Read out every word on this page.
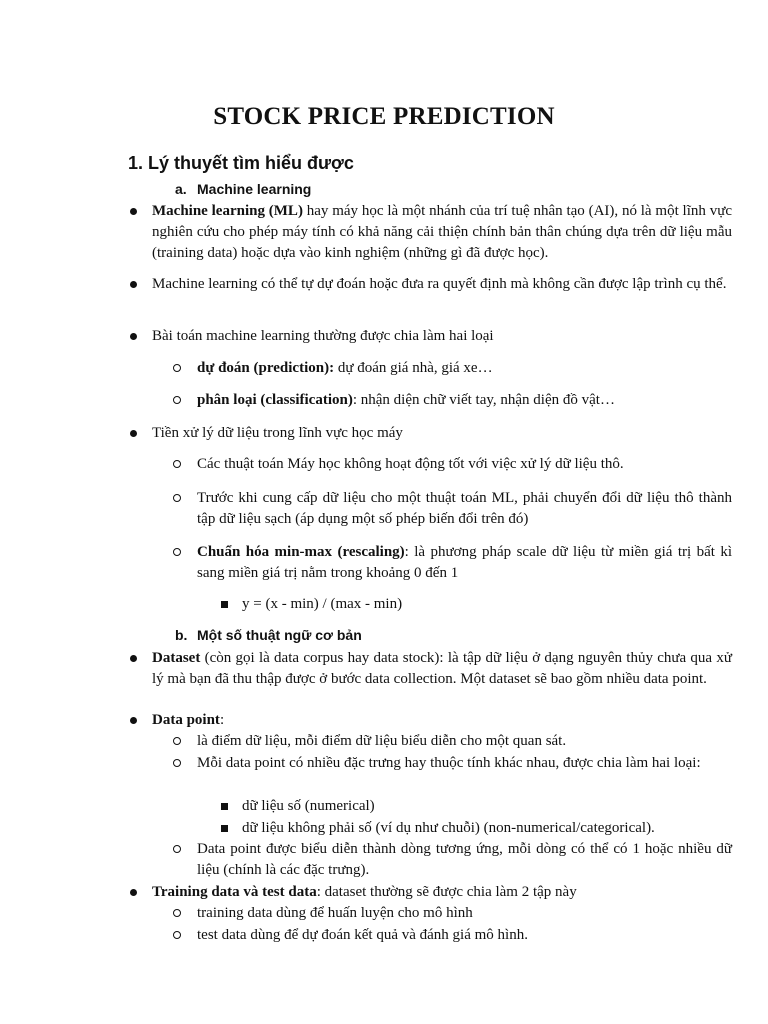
STOCK PRICE PREDICTION
1. Lý thuyết tìm hiểu được
a. Machine learning
Machine learning (ML) hay máy học là một nhánh của trí tuệ nhân tạo (AI), nó là một lĩnh vực nghiên cứu cho phép máy tính có khả năng cải thiện chính bản thân chúng dựa trên dữ liệu mẫu (training data) hoặc dựa vào kinh nghiệm (những gì đã được học).
Machine learning có thể tự dự đoán hoặc đưa ra quyết định mà không cần được lập trình cụ thể.
Bài toán machine learning thường được chia làm hai loại
dự đoán (prediction): dự đoán giá nhà, giá xe…
phân loại (classification): nhận diện chữ viết tay, nhận diện đồ vật…
Tiền xử lý dữ liệu trong lĩnh vực học máy
Các thuật toán Máy học không hoạt động tốt với việc xử lý dữ liệu thô.
Trước khi cung cấp dữ liệu cho một thuật toán ML, phải chuyển đổi dữ liệu thô thành tập dữ liệu sạch (áp dụng một số phép biến đổi trên đó)
Chuẩn hóa min-max (rescaling): là phương pháp scale dữ liệu từ miền giá trị bất kì sang miền giá trị nằm trong khoảng 0 đến 1
y = (x - min) / (max - min)
b. Một số thuật ngữ cơ bản
Dataset (còn gọi là data corpus hay data stock): là tập dữ liệu ở dạng nguyên thủy chưa qua xử lý mà bạn đã thu thập được ở bước data collection. Một dataset sẽ bao gồm nhiều data point.
Data point:
là điểm dữ liệu, mỗi điểm dữ liệu biểu diễn cho một quan sát.
Mỗi data point có nhiều đặc trưng hay thuộc tính khác nhau, được chia làm hai loại:
dữ liệu số (numerical)
dữ liệu không phải số (ví dụ như chuỗi) (non-numerical/categorical).
Data point được biểu diễn thành dòng tương ứng, mỗi dòng có thể có 1 hoặc nhiều dữ liệu (chính là các đặc trưng).
Training data và test data: dataset thường sẽ được chia làm 2 tập này
training data dùng để huấn luyện cho mô hình
test data dùng để dự đoán kết quả và đánh giá mô hình.
